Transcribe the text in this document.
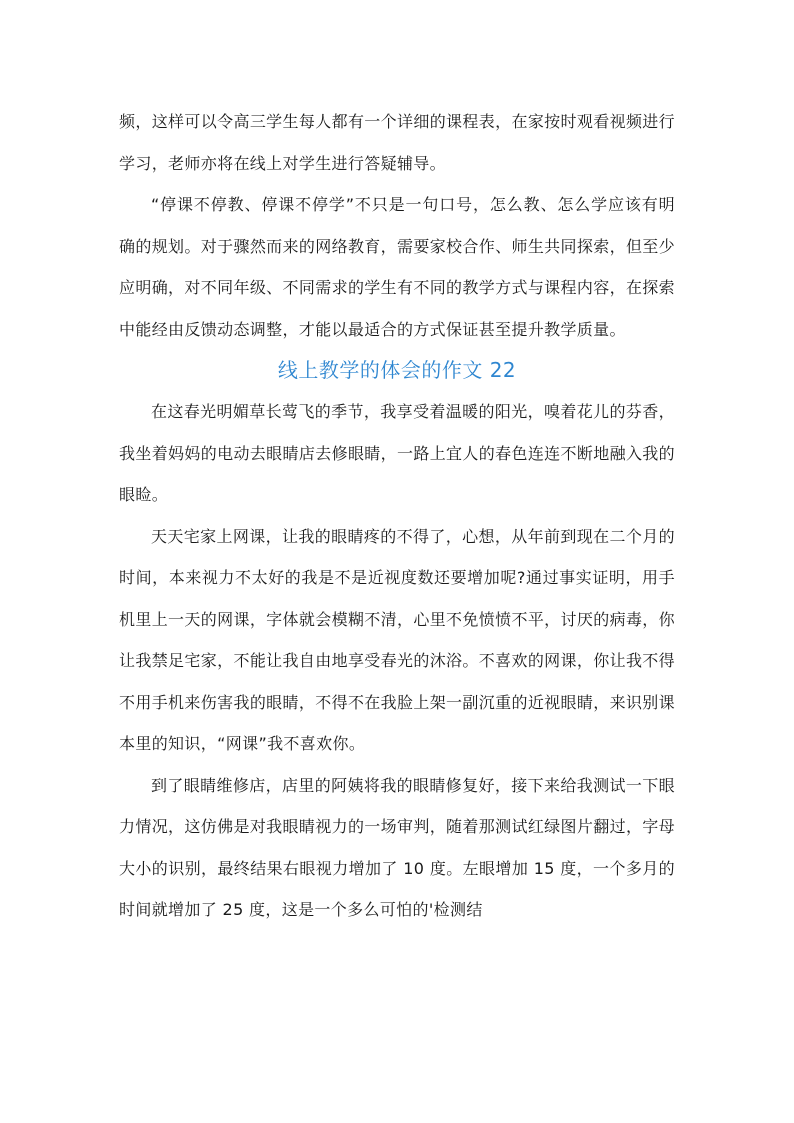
频，这样可以令高三学生每人都有一个详细的课程表，在家按时观看视频进行学习，老师亦将在线上对学生进行答疑辅导。

“停课不停教、停课不停学”不只是一句口号，怎么教、怎么学应该有明确的规划。对于骤然而来的网络教育，需要家校合作、师生共同探索，但至少应明确，对不同年级、不同需求的学生有不同的教学方式与课程内容，在探索中能经由反馈动态调整，才能以最适合的方式保证甚至提升教学质量。

线上教学的体会的作文 22

在这春光明媚草长莺飞的季节，我享受着温暖的阳光，嗅着花儿的芬香，我坐着妈妈的电动去眼睛店去修眼睛，一路上宜人的春色连连不断地融入我的眼睑。

天天宅家上网课，让我的眼睛疼的不得了，心想，从年前到现在二个月的时间，本来视力不太好的我是不是近视度数还要增加呢?通过事实证明，用手机里上一天的网课，字体就会模糊不清，心里不免愤愤不平，讨厌的病毒，你让我禁足宅家，不能让我自由地享受春光的沐浴。不喜欢的网课，你让我不得不用手机来伤害我的眼睛，不得不在我脸上架一副沉重的近视眼睛，来识别课本里的知识，“网课”我不喜欢你。

到了眼睛维修店，店里的阿姨将我的眼睛修复好，接下来给我测试一下眼力情况，这仿佛是对我眼睛视力的一场审判，随着那测试红绿图片翻过，字母大小的识别，最终结果右眼视力增加了 10 度。左眼增加 15 度，一个多月的时间就增加了 25 度，这是一个多么可怕的'检测结
